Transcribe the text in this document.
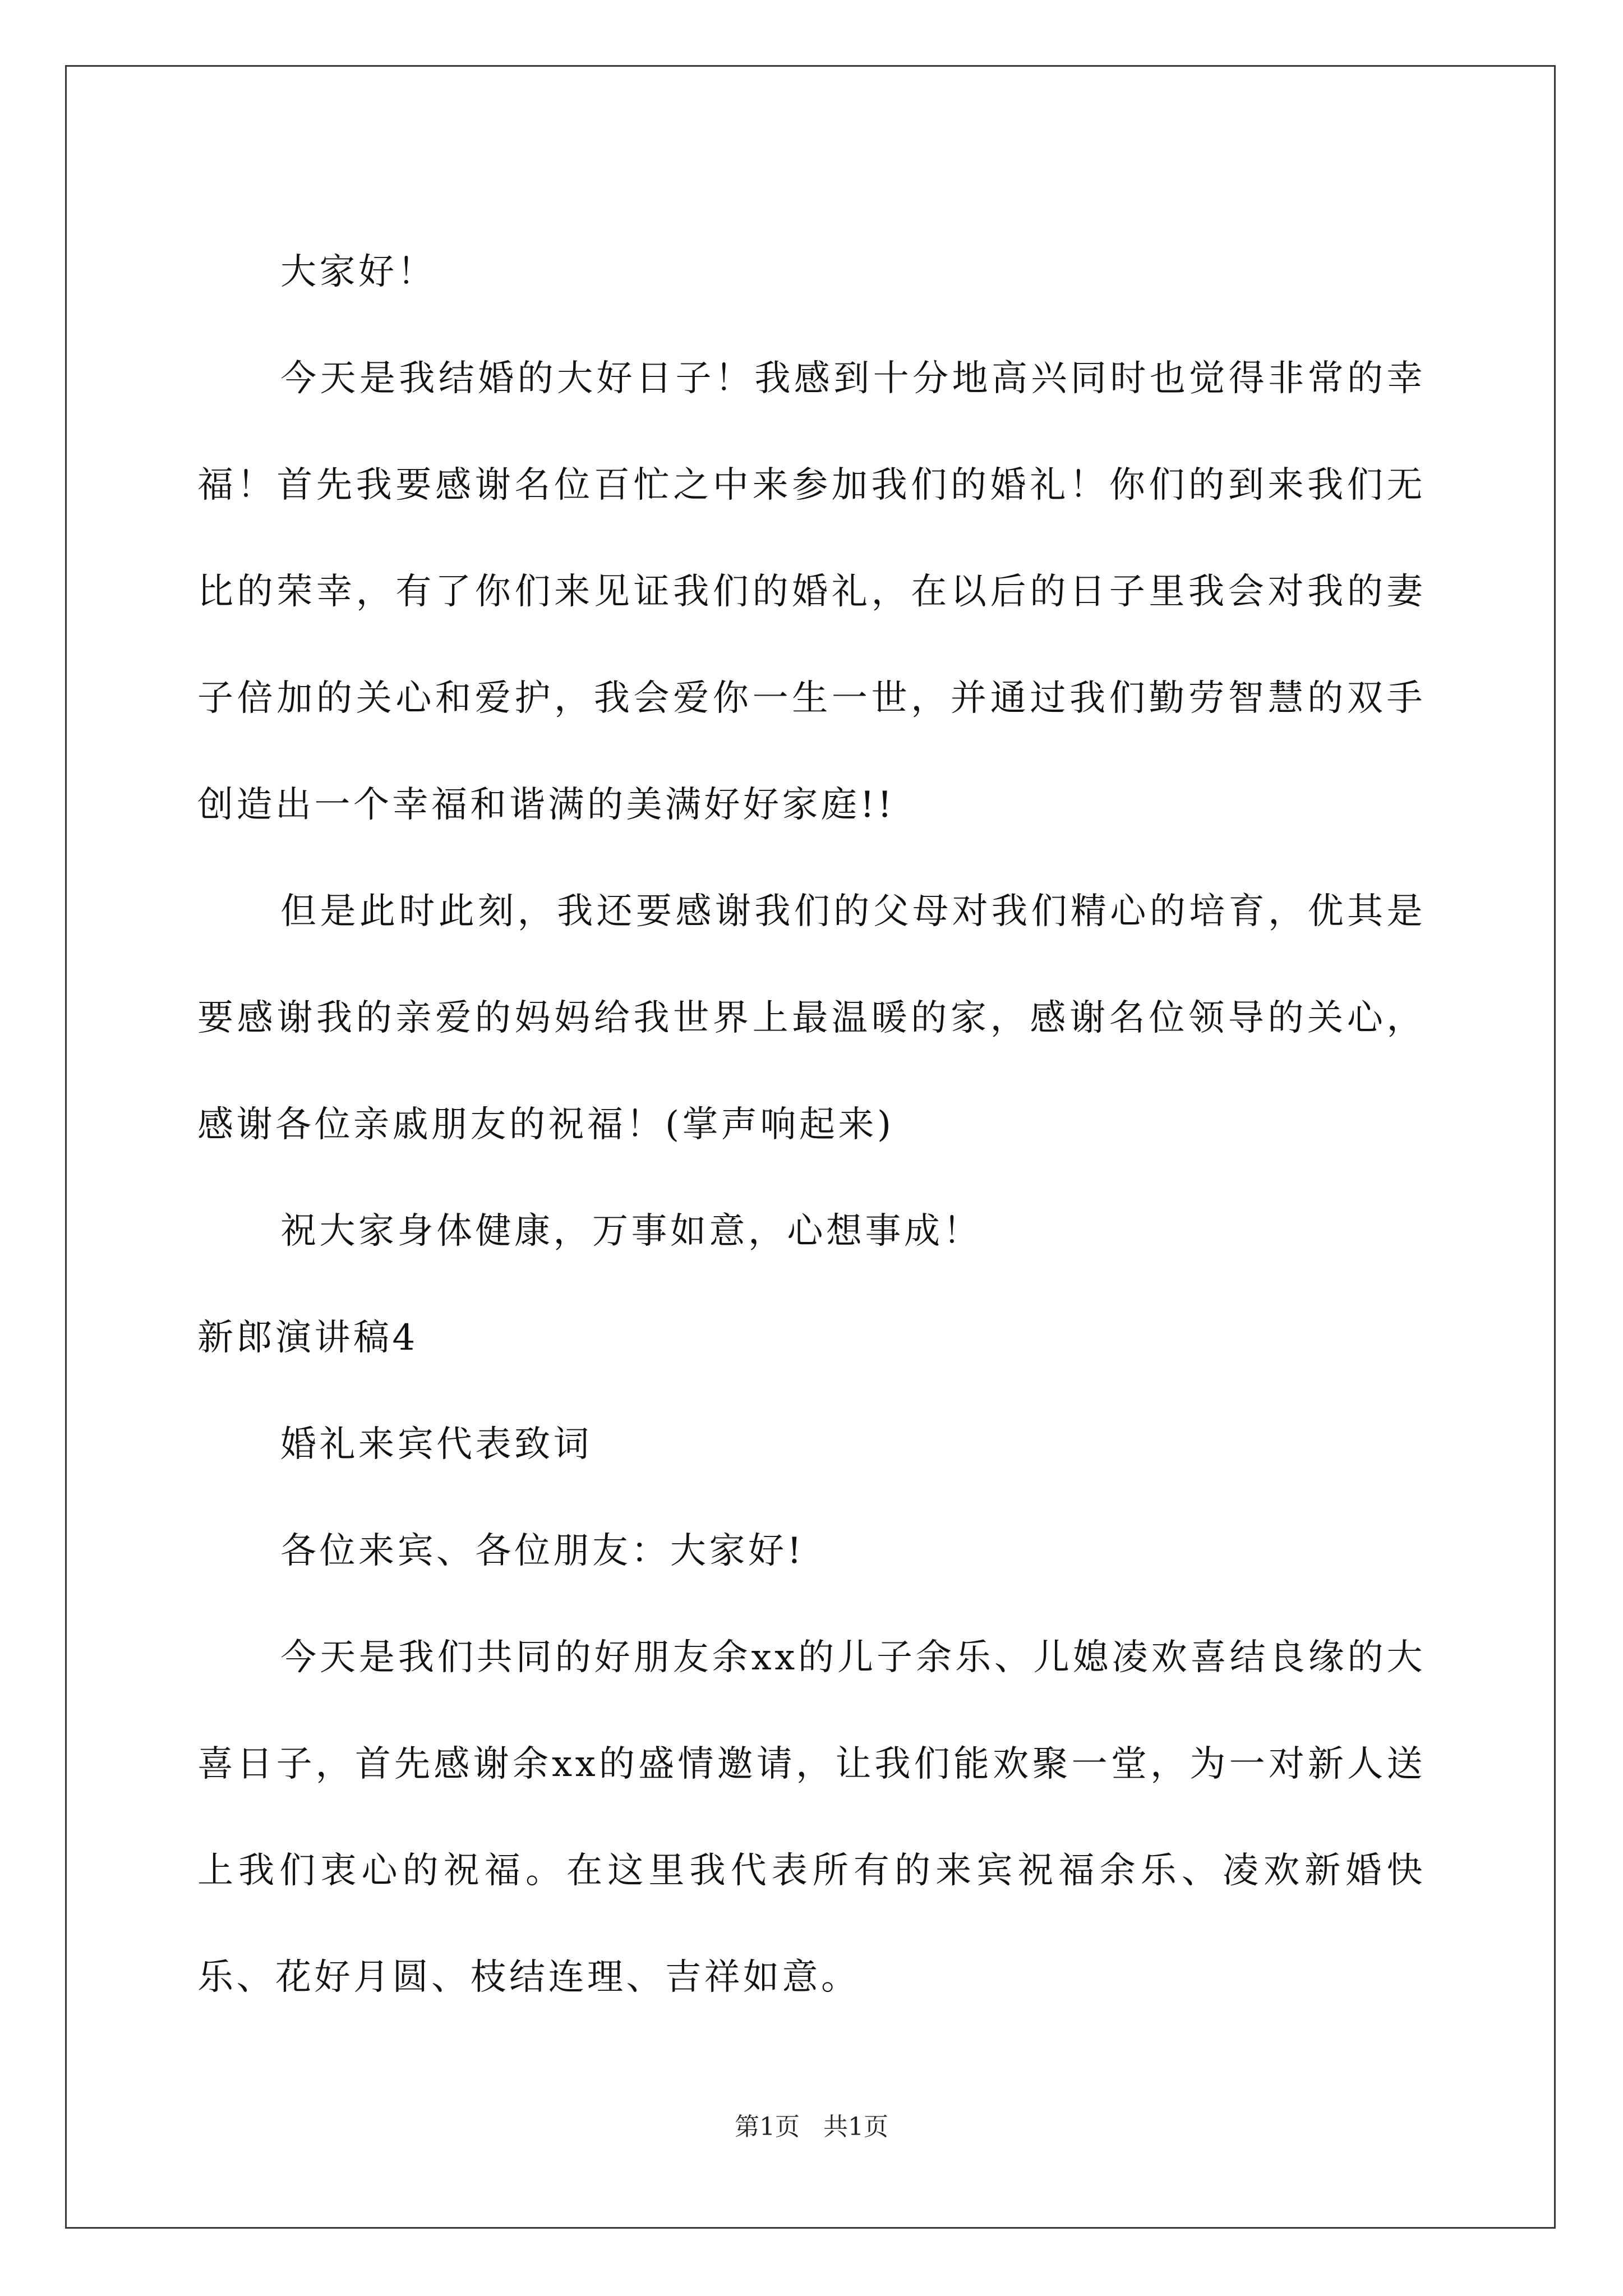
大家好！

今天是我结婚的大好日子！我感到十分地高兴同时也觉得非常的幸福！首先我要感谢名位百忙之中来参加我们的婚礼！你们的到来我们无比的荣幸，有了你们来见证我们的婚礼，在以后的日子里我会对我的妻子倍加的关心和爱护，我会爱你一生一世，并通过我们勤劳智慧的双手创造出一个幸福和谐满的美满好好家庭!!

但是此时此刻，我还要感谢我们的父母对我们精心的培育，优其是要感谢我的亲爱的妈妈给我世界上最温暖的家，感谢名位领导的关心，感谢各位亲戚朋友的祝福！(掌声响起来)

祝大家身体健康，万事如意，心想事成！

新郎演讲稿4

婚礼来宾代表致词

各位来宾、各位朋友：大家好!

今天是我们共同的好朋友余xx的儿子余乐、儿媳凌欢喜结良缘的大喜日子，首先感谢余xx的盛情邀请，让我们能欢聚一堂，为一对新人送上我们衷心的祝福。在这里我代表所有的来宾祝福余乐、凌欢新婚快乐、花好月圆、枝结连理、吉祥如意。

第1页   共1页
